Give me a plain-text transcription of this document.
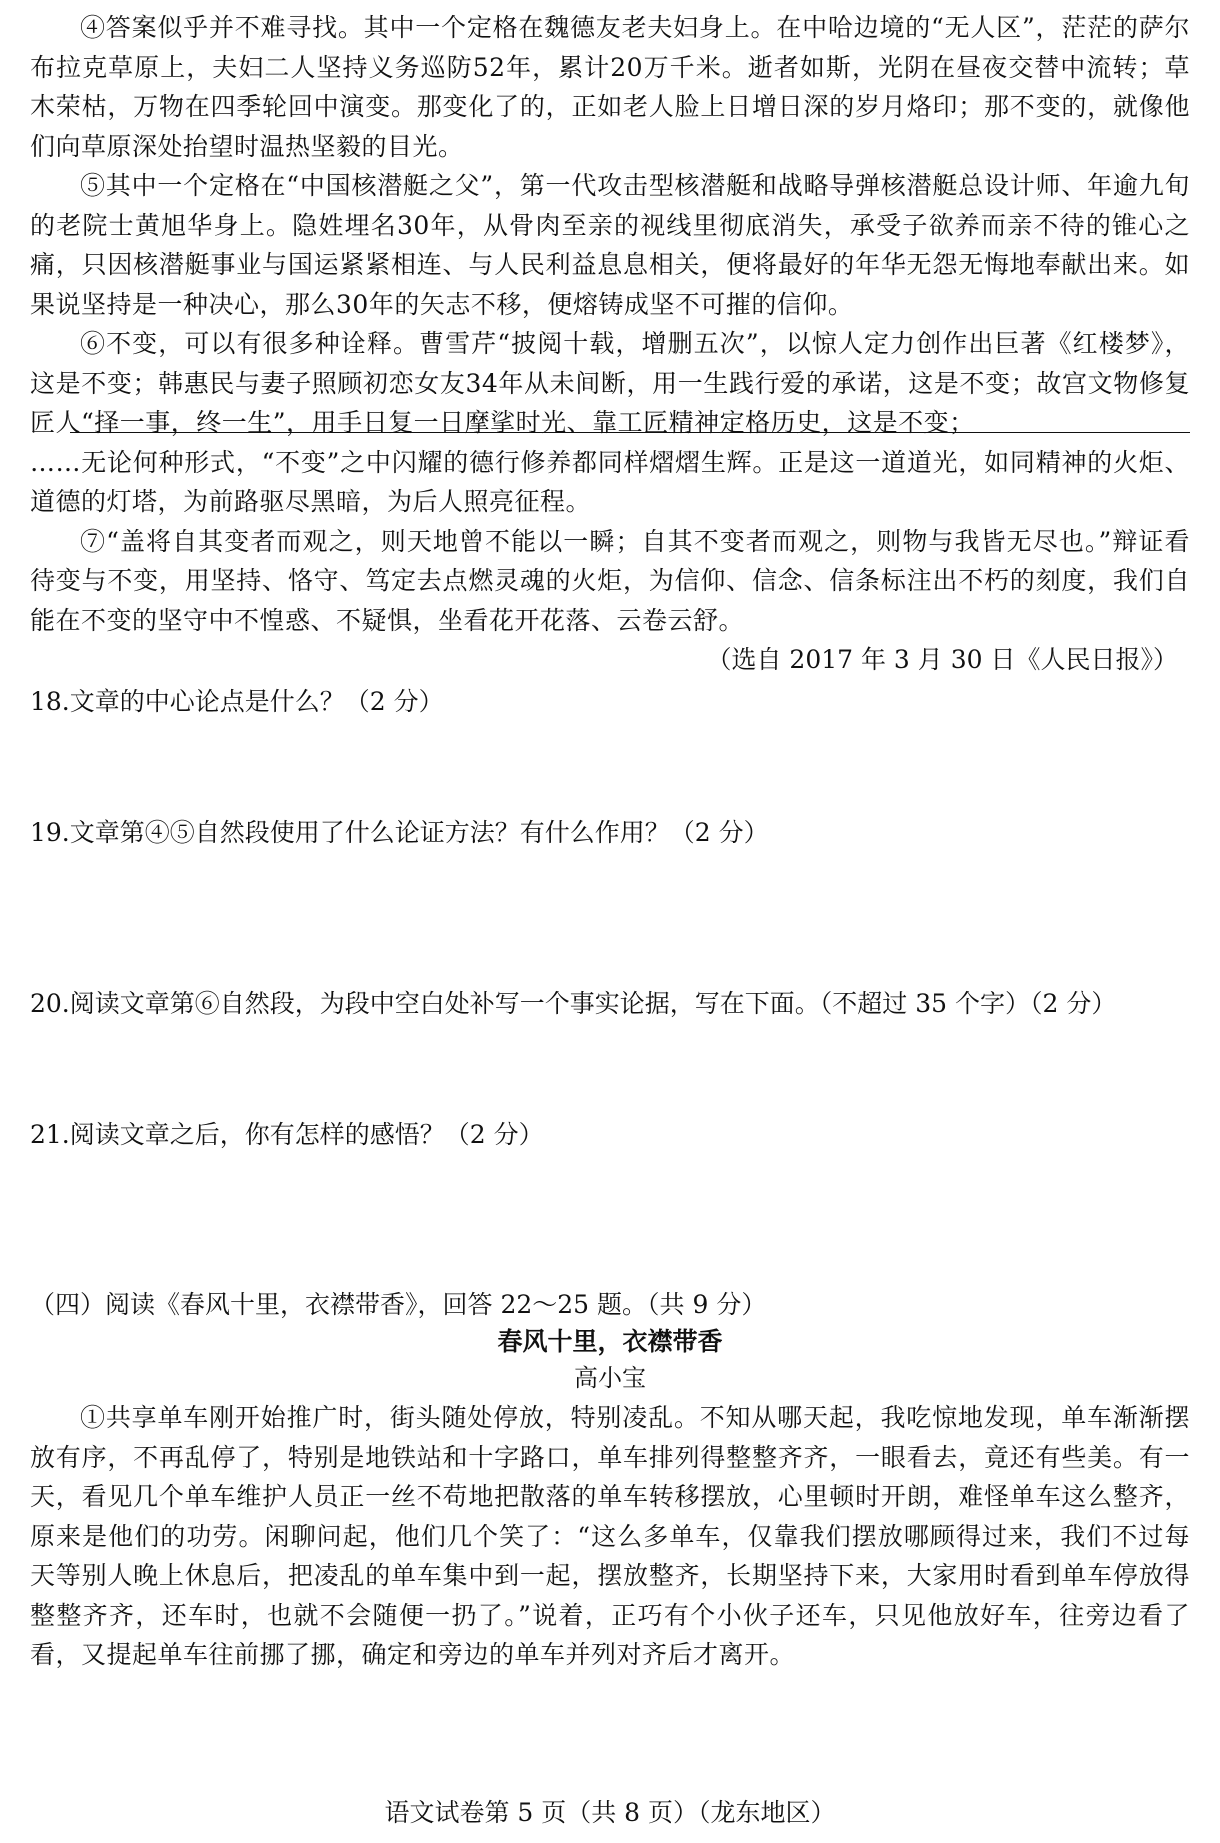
④答案似乎并不难寻找。其中一个定格在魏德友老夫妇身上。在中哈边境的“无人区”，茫茫的萨尔布拉克草原上，夫妇二人坚持义务巡防52年，累计20万千米。逝者如斯，光阴在昼夜交替中流转；草木荣枯，万物在四季轮回中演变。那变化了的，正如老人脸上日增日深的岁月烙印；那不变的，就像他们向草原深处抬望时温热坚毅的目光。

⑤其中一个定格在“中国核潜艇之父”，第一代攻击型核潜艇和战略导弹核潜艇总设计师、年逾九旬的老院士黄旭华身上。隐姓埋名30年，从骨肉至亲的视线里彻底消失，承受子欲养而亲不待的锥心之痛，只因核潜艇事业与国运紧紧相连、与人民利益息息相关，便将最好的年华无怨无悔地奉献出来。如果说坚持是一种决心，那么30年的矢志不移，便熔铸成坚不可摧的信仰。

⑥不变，可以有很多种诠释。曹雪芹“披阅十载，增删五次”，以惊人定力创作出巨著《红楼梦》，这是不变；韩惠民与妻子照顾初恋女友34年从未间断，用一生践行爱的承诺，这是不变；故宫文物修复匠人“择一事，终一生”，用手日复一日摩挲时光、靠工匠精神定格历史，这是不变；

……无论何种形式，“不变”之中闪耀的德行修养都同样熠熠生辉。正是这一道道光，如同精神的火炬、道德的灯塔，为前路驱尽黑暗，为后人照亮征程。

⑦“盖将自其变者而观之，则天地曾不能以一瞬；自其不变者而观之，则物与我皆无尽也。”辩证看待变与不变，用坚持、恪守、笃定去点燃灵魂的火炬，为信仰、信念、信条标注出不朽的刻度，我们自能在不变的坚守中不惶惑、不疑惧，坐看花开花落、云卷云舒。

（选自 2017 年 3 月 30 日《人民日报》）

18.文章的中心论点是什么？（2 分）

19.文章第④⑤自然段使用了什么论证方法？有什么作用？（2 分）

20.阅读文章第⑥自然段，为段中空白处补写一个事实论据，写在下面。（不超过 35 个字）（2 分）

21.阅读文章之后，你有怎样的感悟？（2 分）

（四）阅读《春风十里，衣襟带香》，回答 22～25 题。（共 9 分）

春风十里，衣襟带香

高小宝

①共享单车刚开始推广时，街头随处停放，特别凌乱。不知从哪天起，我吃惊地发现，单车渐渐摆放有序，不再乱停了，特别是地铁站和十字路口，单车排列得整整齐齐，一眼看去，竟还有些美。有一天，看见几个单车维护人员正一丝不苟地把散落的单车转移摆放，心里顿时开朗，难怪单车这么整齐，原来是他们的功劳。闲聊问起，他们几个笑了：“这么多单车，仅靠我们摆放哪顾得过来，我们不过每天等别人晚上休息后，把凌乱的单车集中到一起，摆放整齐，长期坚持下来，大家用时看到单车停放得整整齐齐，还车时，也就不会随便一扔了。”说着，正巧有个小伙子还车，只见他放好车，往旁边看了看，又提起单车往前挪了挪，确定和旁边的单车并列对齐后才离开。

语文试卷第 5 页（共 8 页）（龙东地区）
